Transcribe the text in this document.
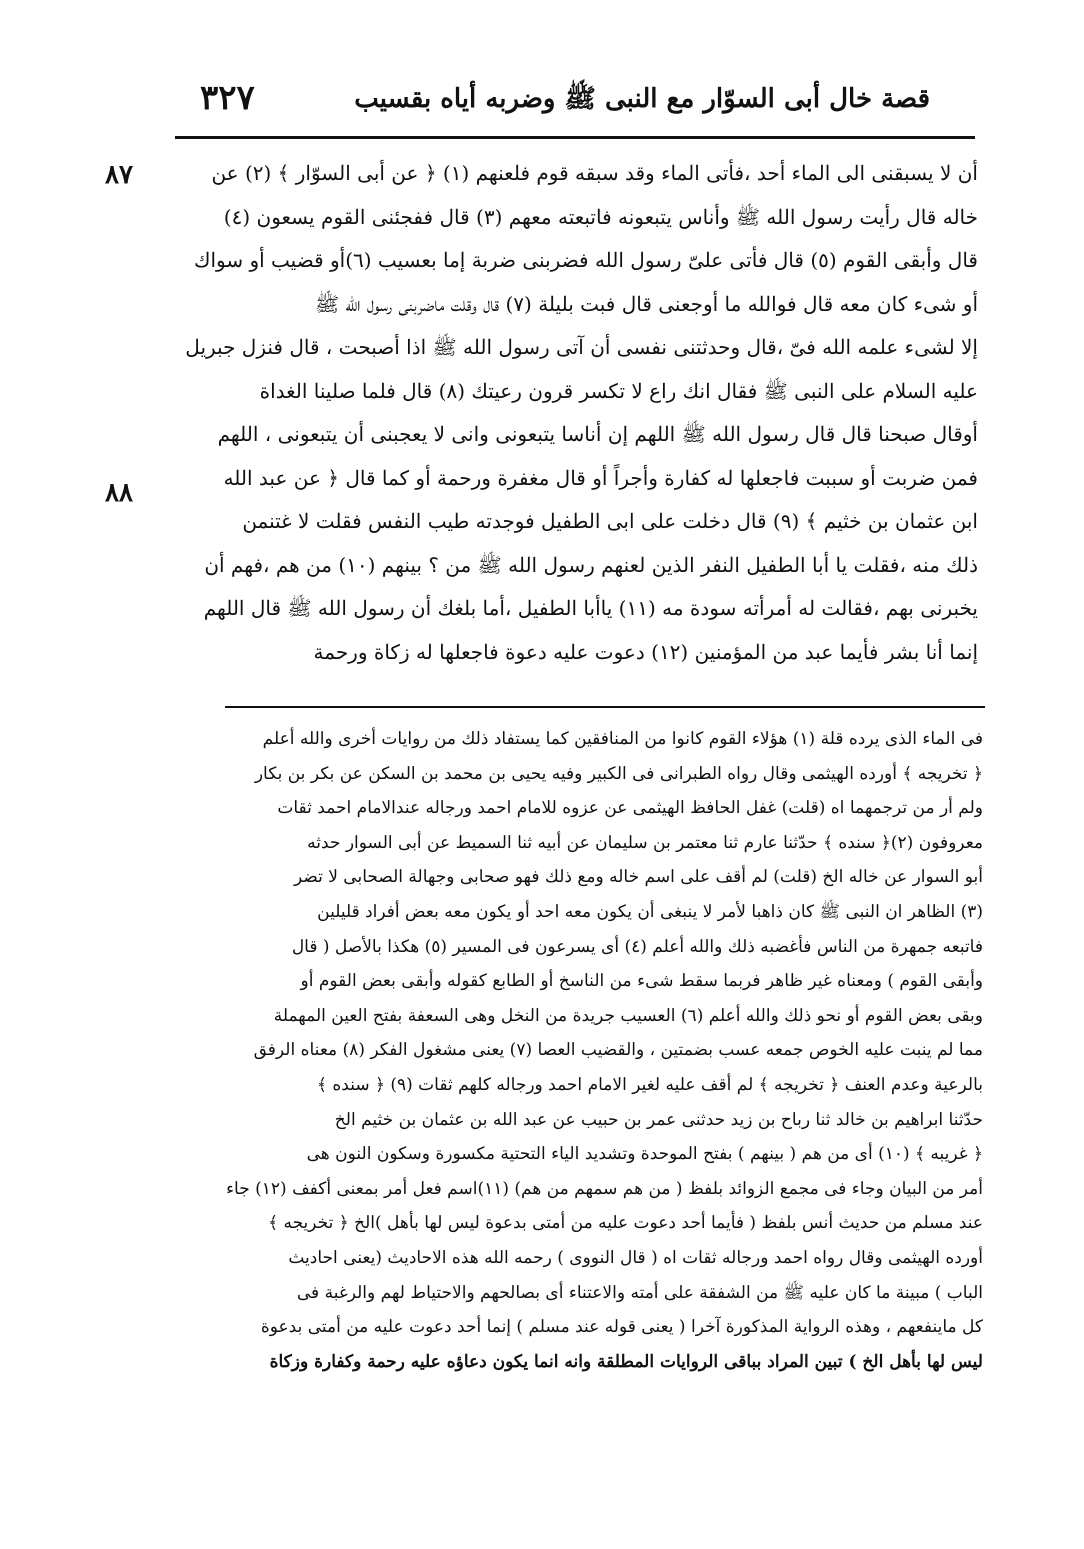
٣٢٧	قصة خال أبى السوّار مع النبى ﷺ وضربه أياه بقسيب
٨٧
٨٨
أن لا يسبقنى الى الماء أحد ،فأتى الماء وقد سبقه قوم فلعنهم (١) ﴿ عن أبى السوّار ﴾ (٢) عن
خاله قال رأيت رسول الله ﷺ وأناس يتبعونه فاتبعته معهم (٣) قال ففجئنى القوم يسعون (٤)
قال وأبقى القوم (٥) قال فأتى علىّ رسول الله فضربنى ضربة إما بعسيب (٦)أو قضيب أو سواك
أو شىء كان معه قال فوالله ما أوجعنى قال فبت بليلة (٧) قال وقلت ماضربنى رسول الله ﷺ
إلا لشىء علمه الله فىّ ،قال وحدثتنى نفسى أن آتى رسول الله ﷺ اذا أصبحت ، قال فنزل جبريل
عليه السلام على النبى ﷺ فقال انك راع لا تكسر قرون رعيتك (٨) قال فلما صلينا الغداة
أوقال صبحنا قال قال رسول الله ﷺ اللهم إن أناسا يتبعونى وانى لا يعجبنى أن يتبعونى ، اللهم
فمن ضربت أو سببت فاجعلها له كفارة وأجراً أو قال مغفرة ورحمة أو كما قال ﴿ عن عبد الله
ابن عثمان بن خثيم ﴾ (٩) قال دخلت على ابى الطفيل فوجدته طيب النفس فقلت لا غتنمن
ذلك منه ،فقلت يا أبا الطفيل النفر الذين لعنهم رسول الله ﷺ من ؟ بينهم (١٠) من هم ،فهم أن
يخبرنى بهم ،فقالت له أمرأته سودة مه (١١) ياأبا الطفيل ،أما بلغك أن رسول الله ﷺ قال اللهم
إنما أنا بشر فأيما عبد من المؤمنين (١٢) دعوت عليه دعوة فاجعلها له زكاة ورحمة
فى الماء الذى يرده قلة (١) هؤلاء القوم كانوا من المنافقين كما يستفاد ذلك من روايات أخرى والله أعلم
﴿ تخريجه ﴾ أورده الهيثمى وقال رواه الطبرانى فى الكبير وفيه يحيى بن محمد بن السكن عن بكر بن بكار
ولم أر من ترجمهما اه (قلت) غفل الحافظ الهيثمى عن عزوه للامام احمد ورجاله عندالامام احمد ثقات
معروفون (٢)﴿ سنده ﴾ حدّثنا عارم ثنا معتمر بن سليمان عن أبيه ثنا السميط عن أبى السوار حدثه
أبو السوار عن خاله الخ (قلت) لم أقف على اسم خاله ومع ذلك فهو صحابى وجهالة الصحابى لا تضر
(٣) الظاهر ان النبى ﷺ كان ذاهبا لأمر لا ينبغى أن يكون معه احد أو يكون معه بعض أفراد قليلين
فاتبعه جمهرة من الناس فأغضبه ذلك والله أعلم (٤) أى يسرعون فى المسير (٥) هكذا بالأصل ( قال
وأبقى القوم ) ومعناه غير ظاهر فربما سقط شىء من الناسخ أو الطابع كقوله وأبقى بعض القوم أو
وبقى بعض القوم أو نحو ذلك والله أعلم (٦) العسيب جريدة من النخل وهى السعفة بفتح العين المهملة
مما لم ينبت عليه الخوص جمعه عسب بضمتين ، والقضيب العصا (٧) يعنى مشغول الفكر (٨) معناه الرفق
بالرعية وعدم العنف ﴿ تخريجه ﴾ لم أقف عليه لغير الامام احمد ورجاله كلهم ثقات (٩) ﴿ سنده ﴾
حدّثنا ابراهيم بن خالد ثنا رباح بن زيد حدثنى عمر بن حبيب عن عبد الله بن عثمان بن خثيم الخ
﴿ غريبه ﴾ (١٠) أى من هم ( بينهم ) بفتح الموحدة وتشديد الياء التحتية مكسورة وسكون النون هى
أمر من البيان وجاء فى مجمع الزوائد بلفظ ( من هم سمهم من هم) (١١)اسم فعل أمر بمعنى أكفف (١٢) جاء
عند مسلم من حديث أنس بلفظ ( فأيما أحد دعوت عليه من أمتى بدعوة ليس لها بأهل )الخ ﴿ تخريجه ﴾
أورده الهيثمى وقال رواه احمد ورجاله ثقات اه ( قال النووى ) رحمه الله هذه الاحاديث (يعنى احاديث
الباب ) مبينة ما كان عليه ﷺ من الشفقة على أمته والاعتناء أى بصالحهم والاحتياط لهم والرغبة فى
كل ماينفعهم ، وهذه الرواية المذكورة آخرا ( يعنى قوله عند مسلم ) إنما أحد دعوت عليه من أمتى بدعوة
ليس لها بأهل الخ ) تبين المراد بباقى الروايات المطلقة وانه انما يكون دعاؤه عليه رحمة وكفارة وزكاة
